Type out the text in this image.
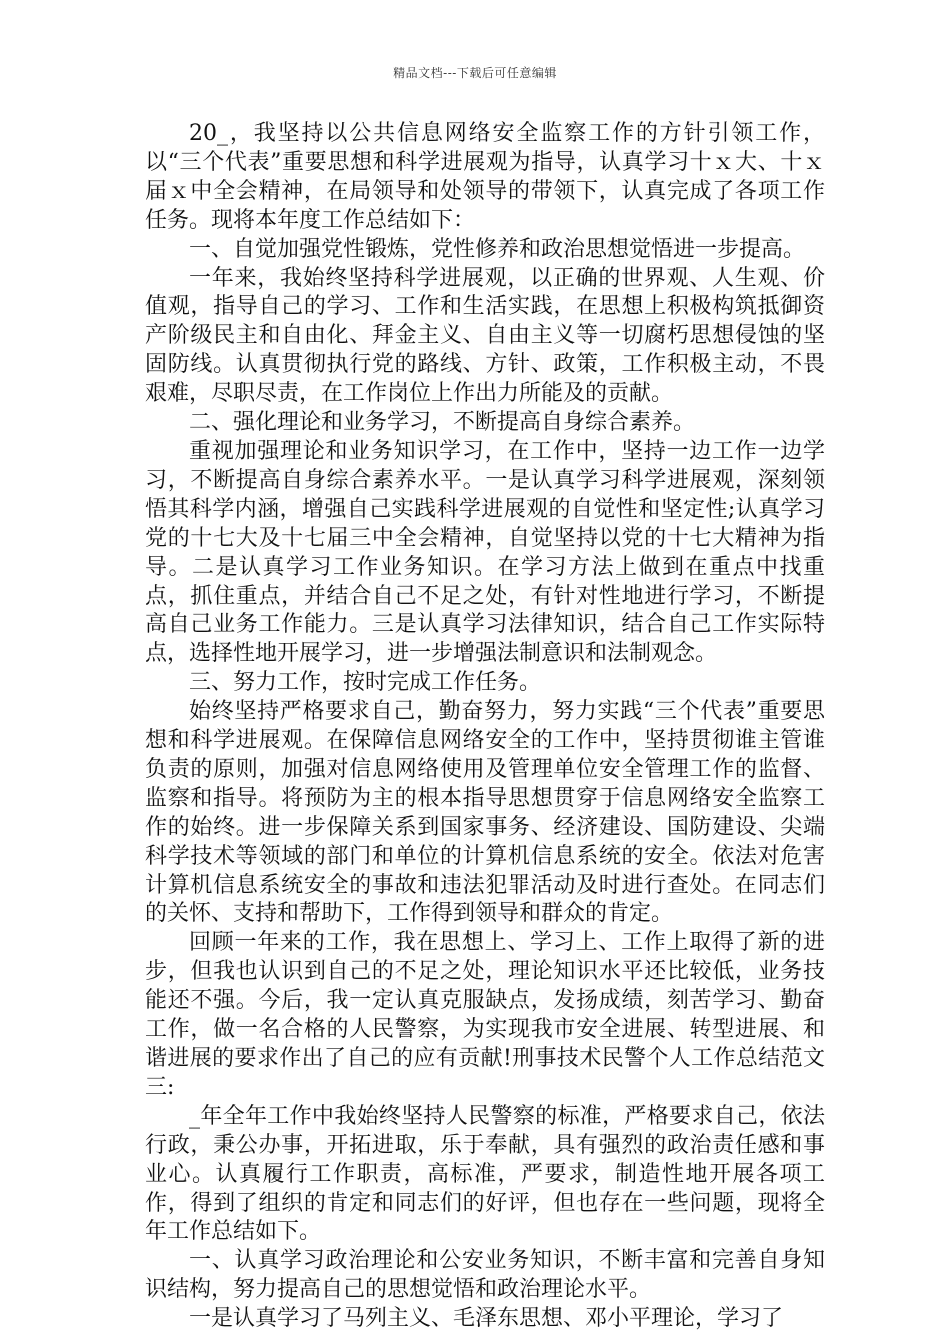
精品文档---下载后可任意编辑

20_，我坚持以公共信息网络安全监察工作的方针引领工作，以“三个代表”重要思想和科学进展观为指导，认真学习十ｘ大、十ｘ届ｘ中全会精神，在局领导和处领导的带领下，认真完成了各项工作任务。现将本年度工作总结如下：

一、自觉加强党性锻炼，党性修养和政治思想觉悟进一步提高。

一年来，我始终坚持科学进展观，以正确的世界观、人生观、价值观，指导自己的学习、工作和生活实践，在思想上积极构筑抵御资产阶级民主和自由化、拜金主义、自由主义等一切腐朽思想侵蚀的坚固防线。认真贯彻执行党的路线、方针、政策，工作积极主动，不畏艰难，尽职尽责，在工作岗位上作出力所能及的贡献。

二、强化理论和业务学习，不断提高自身综合素养。

重视加强理论和业务知识学习，在工作中，坚持一边工作一边学习，不断提高自身综合素养水平。一是认真学习科学进展观，深刻领悟其科学内涵，增强自己实践科学进展观的自觉性和坚定性;认真学习党的十七大及十七届三中全会精神，自觉坚持以党的十七大精神为指导。二是认真学习工作业务知识。在学习方法上做到在重点中找重点，抓住重点，并结合自己不足之处，有针对性地进行学习，不断提高自己业务工作能力。三是认真学习法律知识，结合自己工作实际特点，选择性地开展学习，进一步增强法制意识和法制观念。

三、努力工作，按时完成工作任务。

始终坚持严格要求自己，勤奋努力，努力实践“三个代表”重要思想和科学进展观。在保障信息网络安全的工作中，坚持贯彻谁主管谁负责的原则，加强对信息网络使用及管理单位安全管理工作的监督、监察和指导。将预防为主的根本指导思想贯穿于信息网络安全监察工作的始终。进一步保障关系到国家事务、经济建设、国防建设、尖端科学技术等领域的部门和单位的计算机信息系统的安全。依法对危害计算机信息系统安全的事故和违法犯罪活动及时进行查处。在同志们的关怀、支持和帮助下，工作得到领导和群众的肯定。

回顾一年来的工作，我在思想上、学习上、工作上取得了新的进步，但我也认识到自己的不足之处，理论知识水平还比较低，业务技能还不强。今后，我一定认真克服缺点，发扬成绩，刻苦学习、勤奋工作，做一名合格的人民警察，为实现我市安全进展、转型进展、和谐进展的要求作出了自己的应有贡献!刑事技术民警个人工作总结范文三:

_年全年工作中我始终坚持人民警察的标准，严格要求自己，依法行政，秉公办事，开拓进取，乐于奉献，具有强烈的政治责任感和事业心。认真履行工作职责，高标准，严要求，制造性地开展各项工作，得到了组织的肯定和同志们的好评，但也存在一些问题，现将全年工作总结如下。

一、认真学习政治理论和公安业务知识，不断丰富和完善自身知识结构，努力提高自己的思想觉悟和政治理论水平。

一是认真学习了马列主义、毛泽东思想、邓小平理论，学习了
